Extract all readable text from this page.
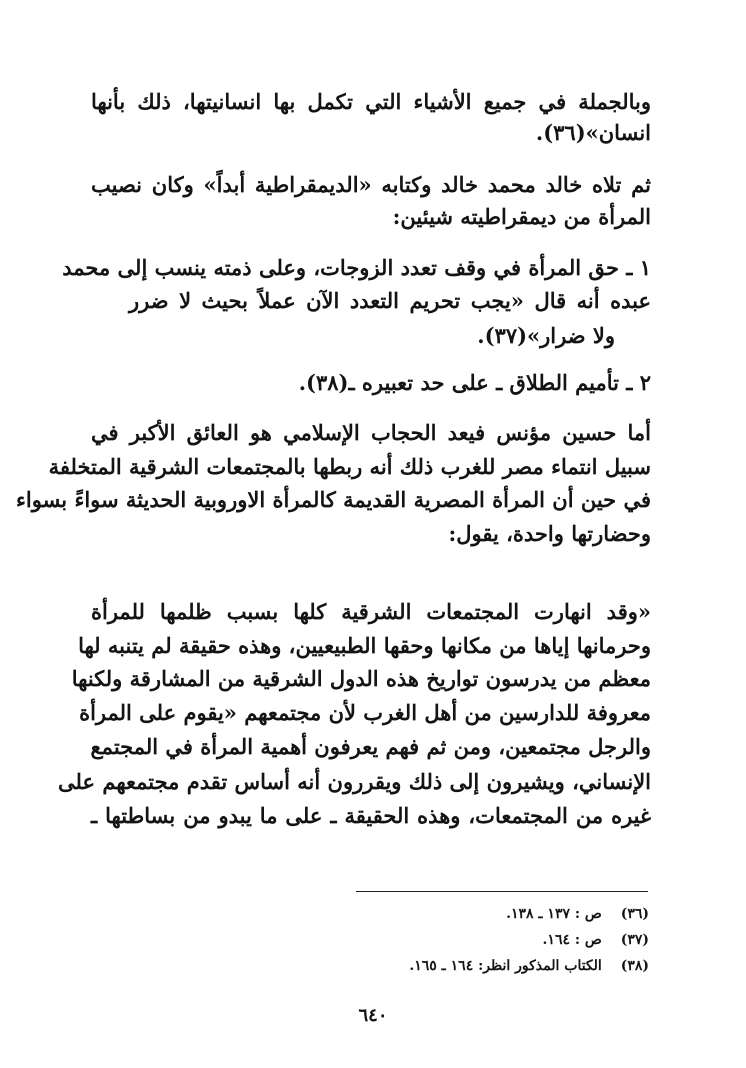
وبالجملة في جميع الأشياء التي تكمل بها انسانيتها، ذلك بأنها

انسان»(٣٦).

ثم تلاه خالد محمد خالد وكتابه «الديمقراطية أبداً» وكان نصيب

المرأة من ديمقراطيته شيئين:

١ ـ حق المرأة في وقف تعدد الزوجات، وعلى ذمته ينسب إلى محمد

عبده أنه قال «يجب تحريم التعدد الآن عملاً بحيث لا ضرر

ولا ضرار»(٣٧).

٢ ـ تأميم الطلاق ـ على حد تعبيره ـ(٣٨).

أما حسين مؤنس فيعد الحجاب الإسلامي هو العائق الأكبر في

سبيل انتماء مصر للغرب ذلك أنه ربطها بالمجتمعات الشرقية المتخلفة

في حين أن المرأة المصرية القديمة كالمرأة الاوروبية الحديثة سواءً بسواء

وحضارتها واحدة، يقول:

«وقد انهارت المجتمعات الشرقية كلها بسبب ظلمها للمرأة

وحرمانها إياها من مكانها وحقها الطبيعيين، وهذه حقيقة لم يتنبه لها

معظم من يدرسون تواريخ هذه الدول الشرقية من المشارقة ولكنها

معروفة للدارسين من أهل الغرب لأن مجتمعهم «يقوم على المرأة

والرجل مجتمعين، ومن ثم فهم يعرفون أهمية المرأة في المجتمع

الإنساني، ويشيرون إلى ذلك ويقررون أنه أساس تقدم مجتمعهم على

غيره من المجتمعات، وهذه الحقيقة ـ على ما يبدو من بساطتها ـ

(٣٦) ص : ١٣٧ ـ ١٣٨.
(٣٧) ص : ١٦٤.
(٣٨) الكتاب المذكور انظر: ١٦٤ ـ ١٦٥.
٦٤٠
